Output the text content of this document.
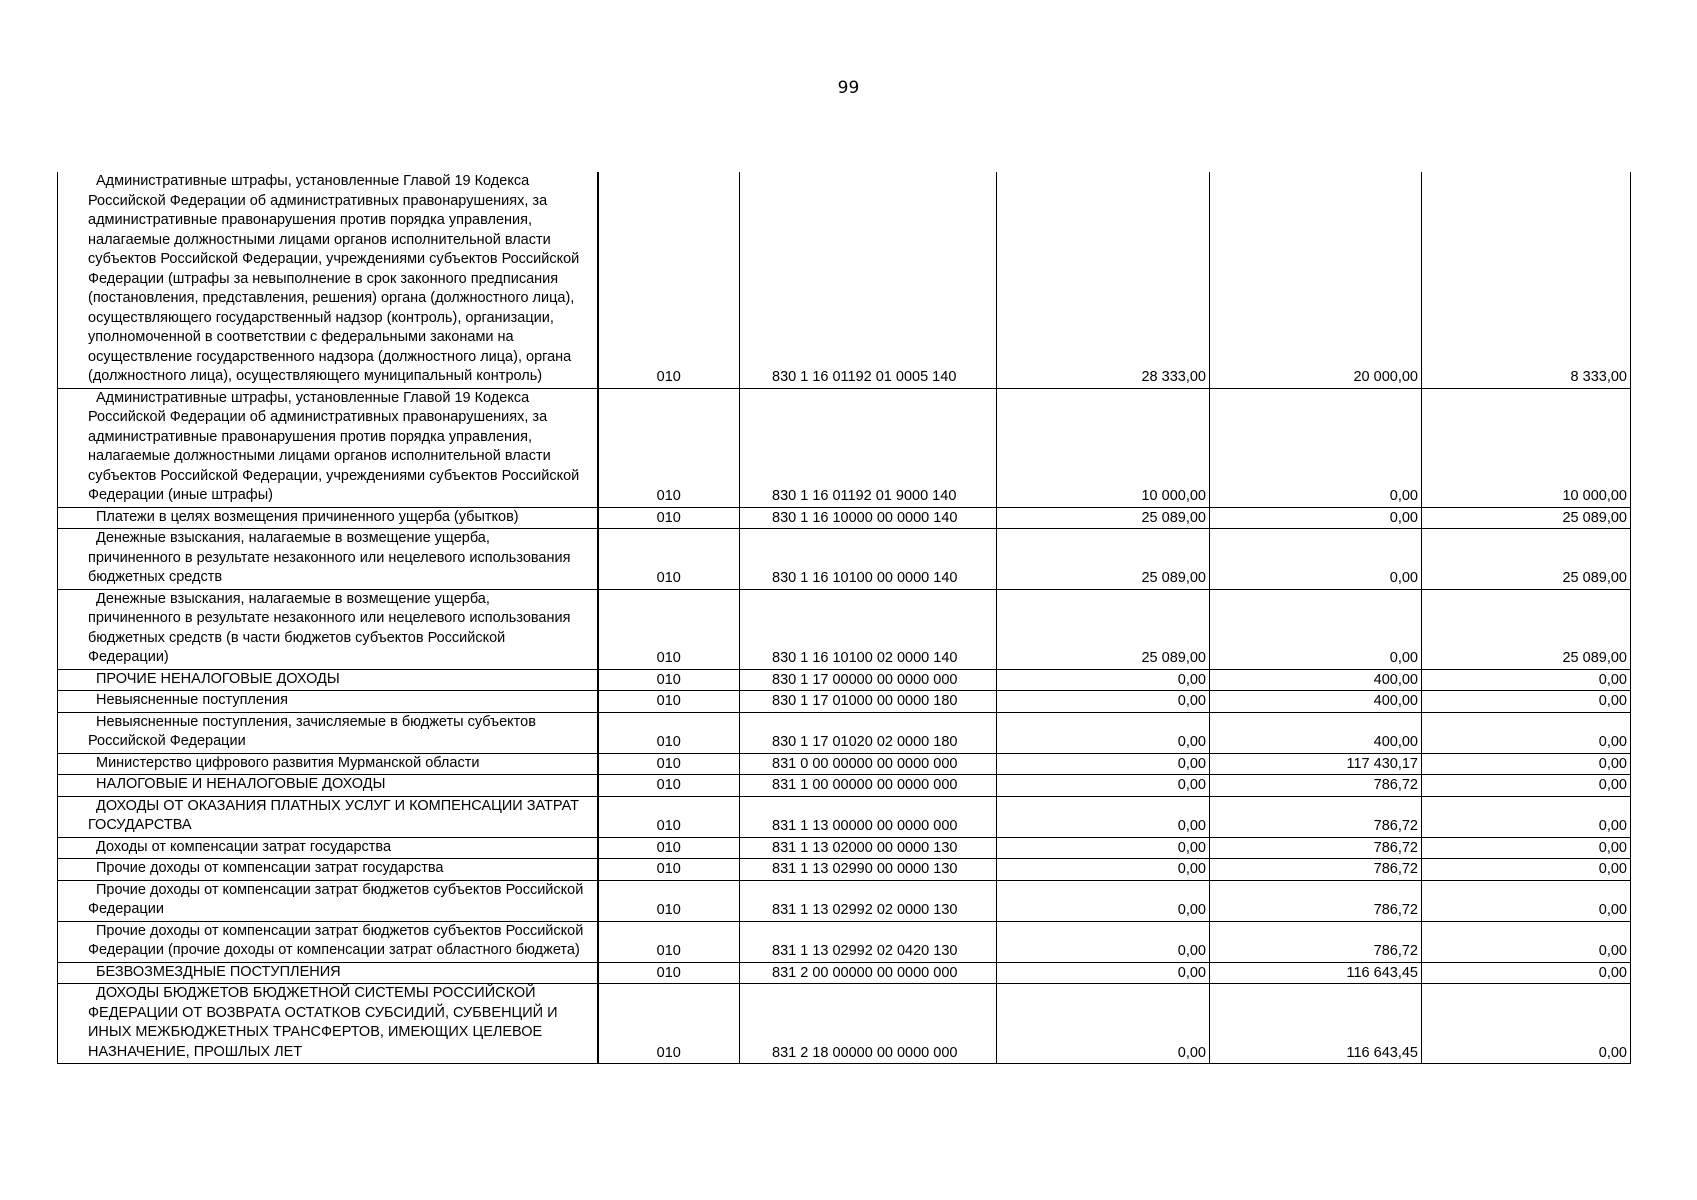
99
Административные штрафы, установленные Главой 19 Кодекса Российской Федерации об административных правонарушениях, за административные правонарушения против порядка управления, налагаемые должностными лицами органов исполнительной власти субъектов Российской Федерации, учреждениями субъектов Российской Федерации (штрафы за невыполнение в срок законного предписания (постановления, представления, решения) органа (должностного лица), осуществляющего государственный надзор (контроль), организации, уполномоченной в соответствии с федеральными законами на осуществление государственного надзора (должностного лица), органа (должностного лица), осуществляющего муниципальный контроль)	010	830 1 16 01192 01 0005 140	28 333,00	20 000,00	8 333,00
Административные штрафы, установленные Главой 19 Кодекса Российской Федерации об административных правонарушениях, за административные правонарушения против порядка управления, налагаемые должностными лицами органов исполнительной власти субъектов Российской Федерации, учреждениями субъектов Российской Федерации (иные штрафы)	010	830 1 16 01192 01 9000 140	10 000,00	0,00	10 000,00
Платежи в целях возмещения причиненного ущерба (убытков)	010	830 1 16 10000 00 0000 140	25 089,00	0,00	25 089,00
Денежные взыскания, налагаемые в возмещение ущерба, причиненного в результате незаконного или нецелевого использования бюджетных средств	010	830 1 16 10100 00 0000 140	25 089,00	0,00	25 089,00
Денежные взыскания, налагаемые в возмещение ущерба, причиненного в результате незаконного или нецелевого использования бюджетных средств (в части бюджетов субъектов Российской Федерации)	010	830 1 16 10100 02 0000 140	25 089,00	0,00	25 089,00
ПРОЧИЕ НЕНАЛОГОВЫЕ ДОХОДЫ	010	830 1 17 00000 00 0000 000	0,00	400,00	0,00
Невыясненные поступления	010	830 1 17 01000 00 0000 180	0,00	400,00	0,00
Невыясненные поступления, зачисляемые в бюджеты субъектов Российской Федерации	010	830 1 17 01020 02 0000 180	0,00	400,00	0,00
Министерство цифрового развития Мурманской области	010	831 0 00 00000 00 0000 000	0,00	117 430,17	0,00
НАЛОГОВЫЕ И НЕНАЛОГОВЫЕ ДОХОДЫ	010	831 1 00 00000 00 0000 000	0,00	786,72	0,00
ДОХОДЫ ОТ ОКАЗАНИЯ ПЛАТНЫХ УСЛУГ И КОМПЕНСАЦИИ ЗАТРАТ ГОСУДАРСТВА	010	831 1 13 00000 00 0000 000	0,00	786,72	0,00
Доходы от компенсации затрат государства	010	831 1 13 02000 00 0000 130	0,00	786,72	0,00
Прочие доходы от компенсации затрат государства	010	831 1 13 02990 00 0000 130	0,00	786,72	0,00
Прочие доходы от компенсации затрат бюджетов субъектов Российской Федерации	010	831 1 13 02992 02 0000 130	0,00	786,72	0,00
Прочие доходы от компенсации затрат бюджетов субъектов Российской Федерации (прочие доходы от компенсации затрат областного бюджета)	010	831 1 13 02992 02 0420 130	0,00	786,72	0,00
БЕЗВОЗМЕЗДНЫЕ ПОСТУПЛЕНИЯ	010	831 2 00 00000 00 0000 000	0,00	116 643,45	0,00
ДОХОДЫ БЮДЖЕТОВ БЮДЖЕТНОЙ СИСТЕМЫ РОССИЙСКОЙ ФЕДЕРАЦИИ ОТ ВОЗВРАТА ОСТАТКОВ СУБСИДИЙ, СУБВЕНЦИЙ И ИНЫХ МЕЖБЮДЖЕТНЫХ ТРАНСФЕРТОВ, ИМЕЮЩИХ ЦЕЛЕВОЕ НАЗНАЧЕНИЕ, ПРОШЛЫХ ЛЕТ	010	831 2 18 00000 00 0000 000	0,00	116 643,45	0,00
